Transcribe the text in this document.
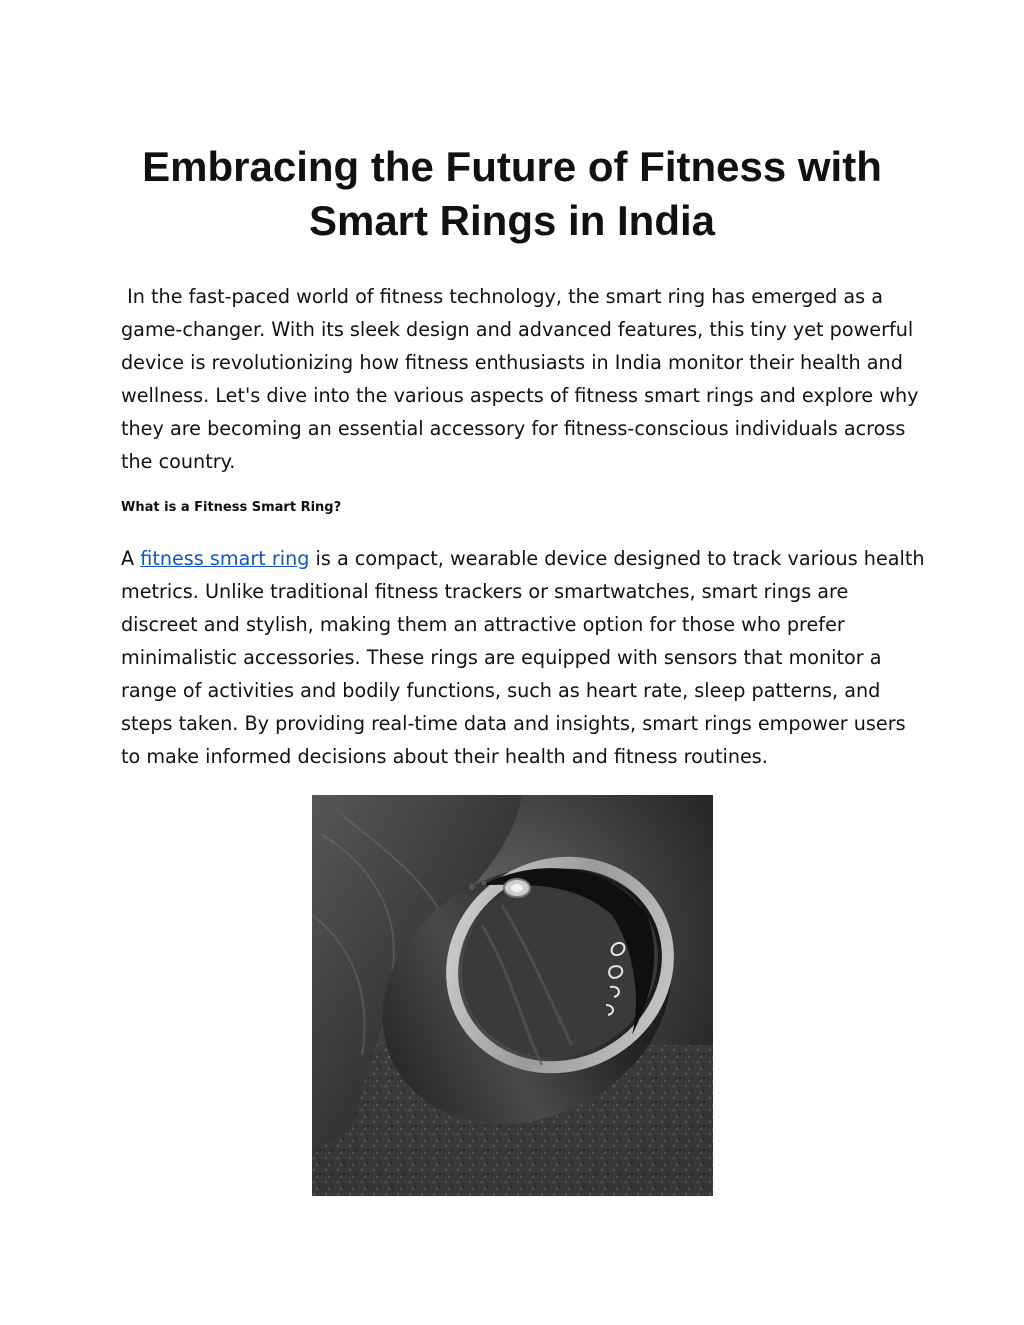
Embracing the Future of Fitness with
Smart Rings in India

In the fast-paced world of fitness technology, the smart ring has emerged as a
game-changer. With its sleek design and advanced features, this tiny yet powerful
device is revolutionizing how fitness enthusiasts in India monitor their health and
wellness. Let's dive into the various aspects of fitness smart rings and explore why
they are becoming an essential accessory for fitness-conscious individuals across
the country.

What is a Fitness Smart Ring?

A fitness smart ring is a compact, wearable device designed to track various health
metrics. Unlike traditional fitness trackers or smartwatches, smart rings are
discreet and stylish, making them an attractive option for those who prefer
minimalistic accessories. These rings are equipped with sensors that monitor a
range of activities and bodily functions, such as heart rate, sleep patterns, and
steps taken. By providing real-time data and insights, smart rings empower users
to make informed decisions about their health and fitness routines.
